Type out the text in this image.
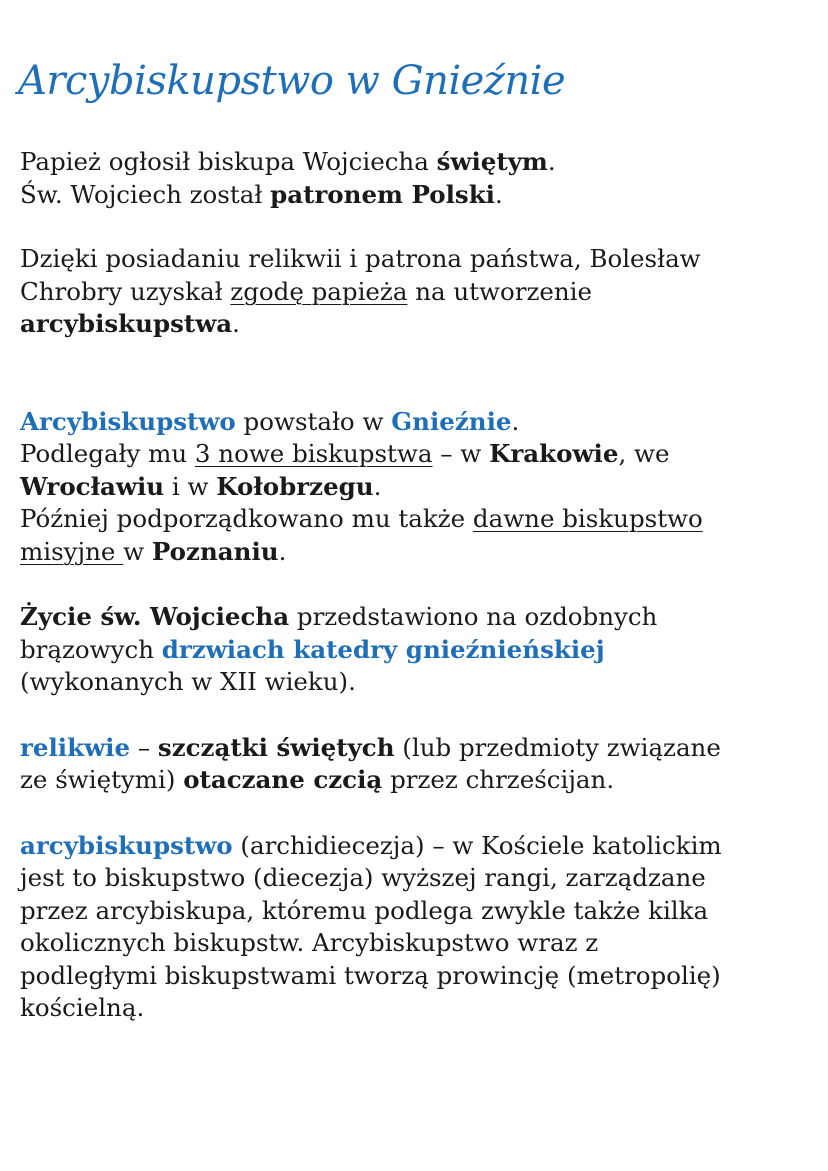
Arcybiskupstwo w Gnieźnie

Papież ogłosił biskupa Wojciecha świętym.
Św. Wojciech został patronem Polski.

Dzięki posiadaniu relikwii i patrona państwa, Bolesław
Chrobry uzyskał zgodę papieża na utworzenie
arcybiskupstwa.

Arcybiskupstwo powstało w Gnieźnie.
Podlegały mu 3 nowe biskupstwa – w Krakowie, we
Wrocławiu i w Kołobrzegu.
Później podporządkowano mu także dawne biskupstwo
misyjne w Poznaniu.

Życie św. Wojciecha przedstawiono na ozdobnych
brązowych drzwiach katedry gnieźnieńskiej
(wykonanych w XII wieku).

relikwie – szczątki świętych (lub przedmioty związane
ze świętymi) otaczane czcią przez chrześcijan.

arcybiskupstwo (archidiecezja) – w Kościele katolickim
jest to biskupstwo (diecezja) wyższej rangi, zarządzane
przez arcybiskupa, któremu podlega zwykle także kilka
okolicznych biskupstw. Arcybiskupstwo wraz z
podległymi biskupstwami tworzą prowincję (metropolię)
kościelną.
